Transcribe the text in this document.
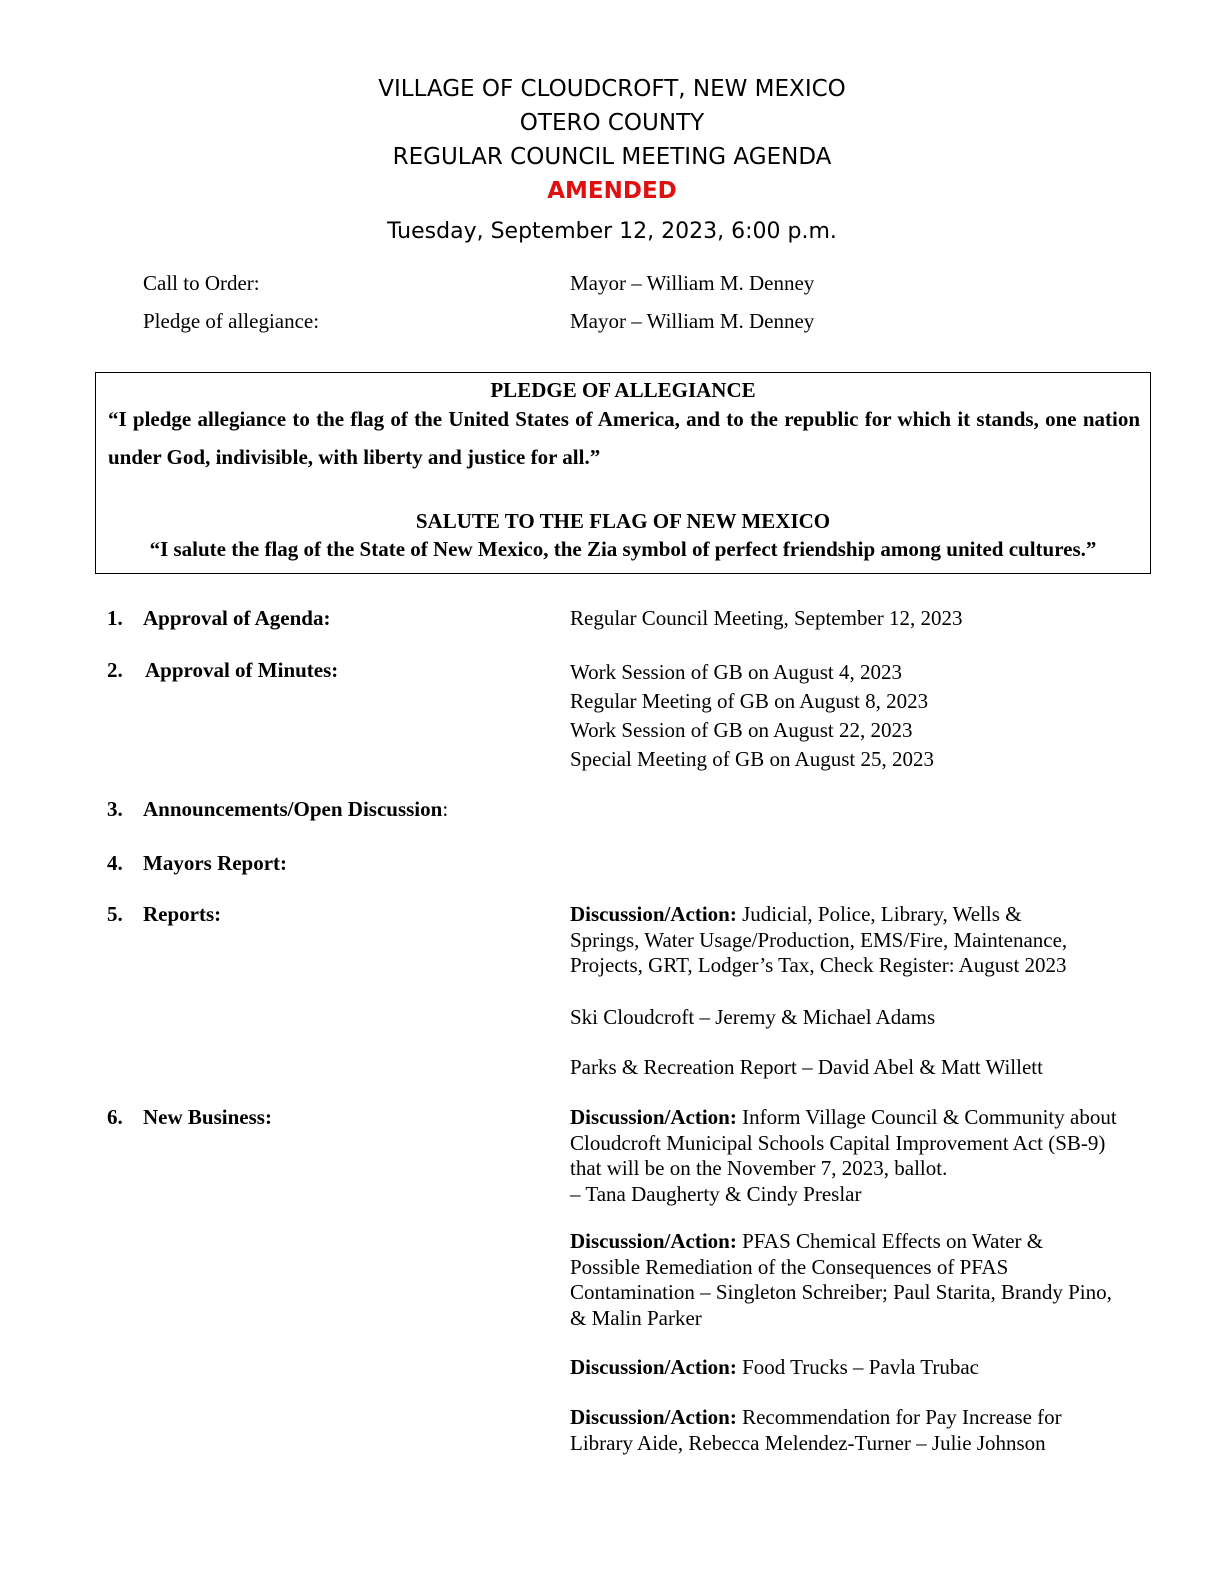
VILLAGE OF CLOUDCROFT, NEW MEXICO
OTERO COUNTY
REGULAR COUNCIL MEETING AGENDA
AMENDED
Tuesday, September 12, 2023, 6:00 p.m.
Call to Order:	Mayor – William M. Denney
Pledge of allegiance:	Mayor – William M. Denney
PLEDGE OF ALLEGIANCE
“I pledge allegiance to the flag of the United States of America, and to the republic for which it stands, one nation under God, indivisible, with liberty and justice for all.”
SALUTE TO THE FLAG OF NEW MEXICO
“I salute the flag of the State of New Mexico, the Zia symbol of perfect friendship among united cultures.”
1. Approval of Agenda:	Regular Council Meeting, September 12, 2023
2. Approval of Minutes:	Work Session of GB on August 4, 2023
Regular Meeting of GB on August 8, 2023
Work Session of GB on August 22, 2023
Special Meeting of GB on August 25, 2023
3. Announcements/Open Discussion:
4. Mayors Report:
5. Reports:	Discussion/Action: Judicial, Police, Library, Wells &
Springs, Water Usage/Production, EMS/Fire, Maintenance,
Projects, GRT, Lodger’s Tax, Check Register: August 2023
Ski Cloudcroft – Jeremy & Michael Adams
Parks & Recreation Report – David Abel & Matt Willett
6. New Business:	Discussion/Action: Inform Village Council & Community about
Cloudcroft Municipal Schools Capital Improvement Act (SB-9)
that will be on the November 7, 2023, ballot.
– Tana Daugherty & Cindy Preslar
Discussion/Action: PFAS Chemical Effects on Water &
Possible Remediation of the Consequences of PFAS
Contamination – Singleton Schreiber; Paul Starita, Brandy Pino,
& Malin Parker
Discussion/Action: Food Trucks – Pavla Trubac
Discussion/Action: Recommendation for Pay Increase for
Library Aide, Rebecca Melendez-Turner – Julie Johnson
